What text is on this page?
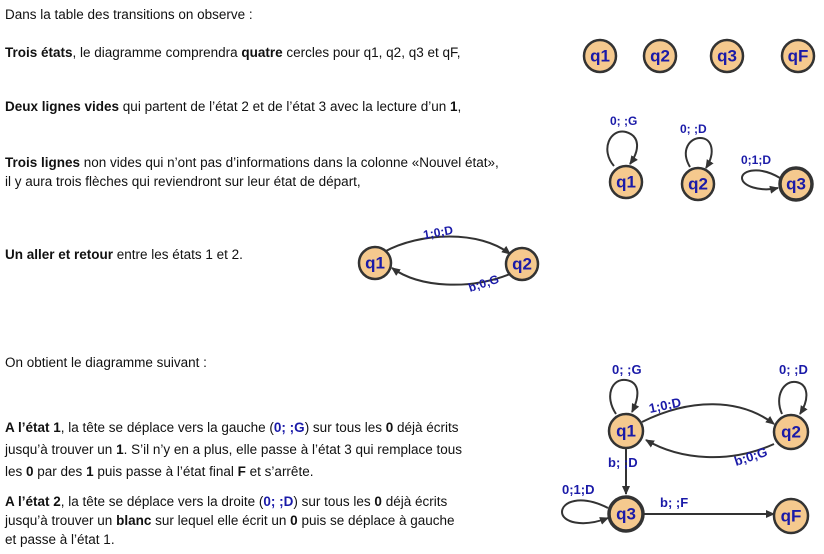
Dans la table des transitions on observe :
Trois états, le diagramme comprendra quatre cercles pour q1, q2, q3 et qF,
Deux lignes vides qui partent de l’état 2 et de l’état 3 avec la lecture d’un 1,
Trois lignes non vides qui n’ont pas d’informations dans la colonne «Nouvel état»,
il y aura trois flèches qui reviendront sur leur état de départ,
Un aller et retour entre les états 1 et 2.
On obtient le diagramme suivant :
A l’état 1, la tête se déplace vers la gauche (0; ;G) sur tous les 0 déjà écrits
jusqu’à trouver un 1. S’il n’y en a plus, elle passe à l’état 3 qui remplace tous
les 0 par des 1 puis passe à l’état final F et s’arrête.
A l’état 2, la tête se déplace vers la droite (0; ;D) sur tous les 0 déjà écrits
jusqu’à trouver un blanc sur lequel elle écrit un 0 puis se déplace à gauche
et passe à l’état 1.
q1 q2	q3	qF
0; ;G
q1
0; ;D
q2
0;1;D
q3
1;0;D
b;0;G
q1	q2
0; ;G	0; ;D
1;0;D
b;0;G
b; ;D
0;1;D
b; ;F
q1	q2
q3	qF
